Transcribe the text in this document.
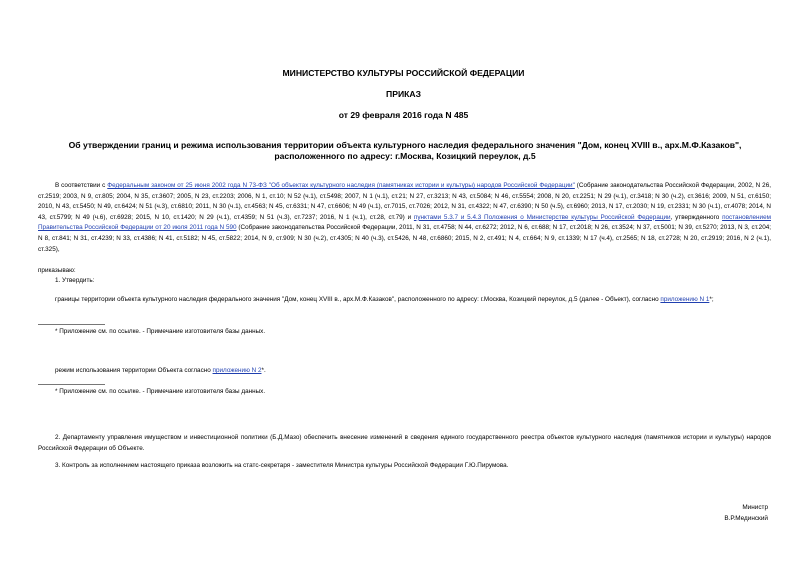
МИНИСТЕРСТВО КУЛЬТУРЫ РОССИЙСКОЙ ФЕДЕРАЦИИ
ПРИКАЗ
от 29 февраля 2016 года N 485
Об утверждении границ и режима использования территории объекта культурного наследия федерального значения "Дом, конец XVIII в., арх.М.Ф.Казаков",
расположенного по адресу: г.Москва, Козицкий переулок, д.5
В соответствии с Федеральным законом от 25 июня 2002 года N 73-ФЗ "Об объектах культурного наследия (памятниках истории и культуры) народов Российской Федерации" (Собрание законодательства Российской Федерации, 2002, N 26, ст.2519; 2003, N 9, ст.805; 2004, N 35, ст.3607; 2005, N 23, ст.2203; 2006, N 1, ст.10; N 52 (ч.1), ст.5498; 2007, N 1 (ч.1), ст.21; N 27, ст.3213; N 43, ст.5084; N 46, ст.5554; 2008, N 20, ст.2251; N 29 (ч.1), ст.3418; N 30 (ч.2), ст.3616; 2009, N 51, ст.6150; 2010, N 43, ст.5450; N 49, ст.6424; N 51 (ч.3), ст.6810; 2011, N 30 (ч.1), ст.4563; N 45, ст.6331; N 47, ст.6606; N 49 (ч.1), ст.7015, ст.7026; 2012, N 31, ст.4322; N 47, ст.6390; N 50 (ч.5), ст.6960; 2013, N 17, ст.2030; N 19, ст.2331; N 30 (ч.1), ст.4078; 2014, N 43, ст.5799; N 49 (ч.6), ст.6928; 2015, N 10, ст.1420; N 29 (ч.1), ст.4359; N 51 (ч.3), ст.7237; 2016, N 1 (ч.1), ст.28, ст.79) и пунктами 5.3.7 и 5.4.3 Положения о Министерстве культуры Российской Федерации, утвержденного постановлением Правительства Российской Федерации от 20 июля 2011 года N 590 (Собрание законодательства Российской Федерации, 2011, N 31, ст.4758; N 44, ст.6272; 2012, N 6, ст.688; N 17, ст.2018; N 26, ст.3524; N 37, ст.5001; N 39, ст.5270; 2013, N 3, ст.204; N 8, ст.841; N 31, ст.4239; N 33, ст.4386; N 41, ст.5182; N 45, ст.5822; 2014, N 9, ст.909; N 30 (ч.2), ст.4305; N 40 (ч.3), ст.5426, N 48, ст.6860; 2015, N 2, ст.491; N 4, ст.664; N 9, ст.1339; N 17 (ч.4), ст.2565; N 18, ст.2728; N 20, ст.2919; 2016, N 2 (ч.1), ст.325),
приказываю:
1. Утвердить:
границы территории объекта культурного наследия федерального значения "Дом, конец XVIII в., арх.М.Ф.Казаков", расположенного по адресу: г.Москва, Козицкий переулок, д.5 (далее - Объект), согласно приложению N 1*;
* Приложение см. по ссылке. - Примечание изготовителя базы данных.
режим использования территории Объекта согласно приложению N 2*.
* Приложение см. по ссылке. - Примечание изготовителя базы данных.
2. Департаменту управления имуществом и инвестиционной политики (Б.Д.Мазо) обеспечить внесение изменений в сведения единого государственного реестра объектов культурного наследия (памятников истории и культуры) народов Российской Федерации об Объекте.
3. Контроль за исполнением настоящего приказа возложить на статс-секретаря - заместителя Министра культуры Российской Федерации Г.Ю.Пирумова.
Министр
В.Р.Мединский
